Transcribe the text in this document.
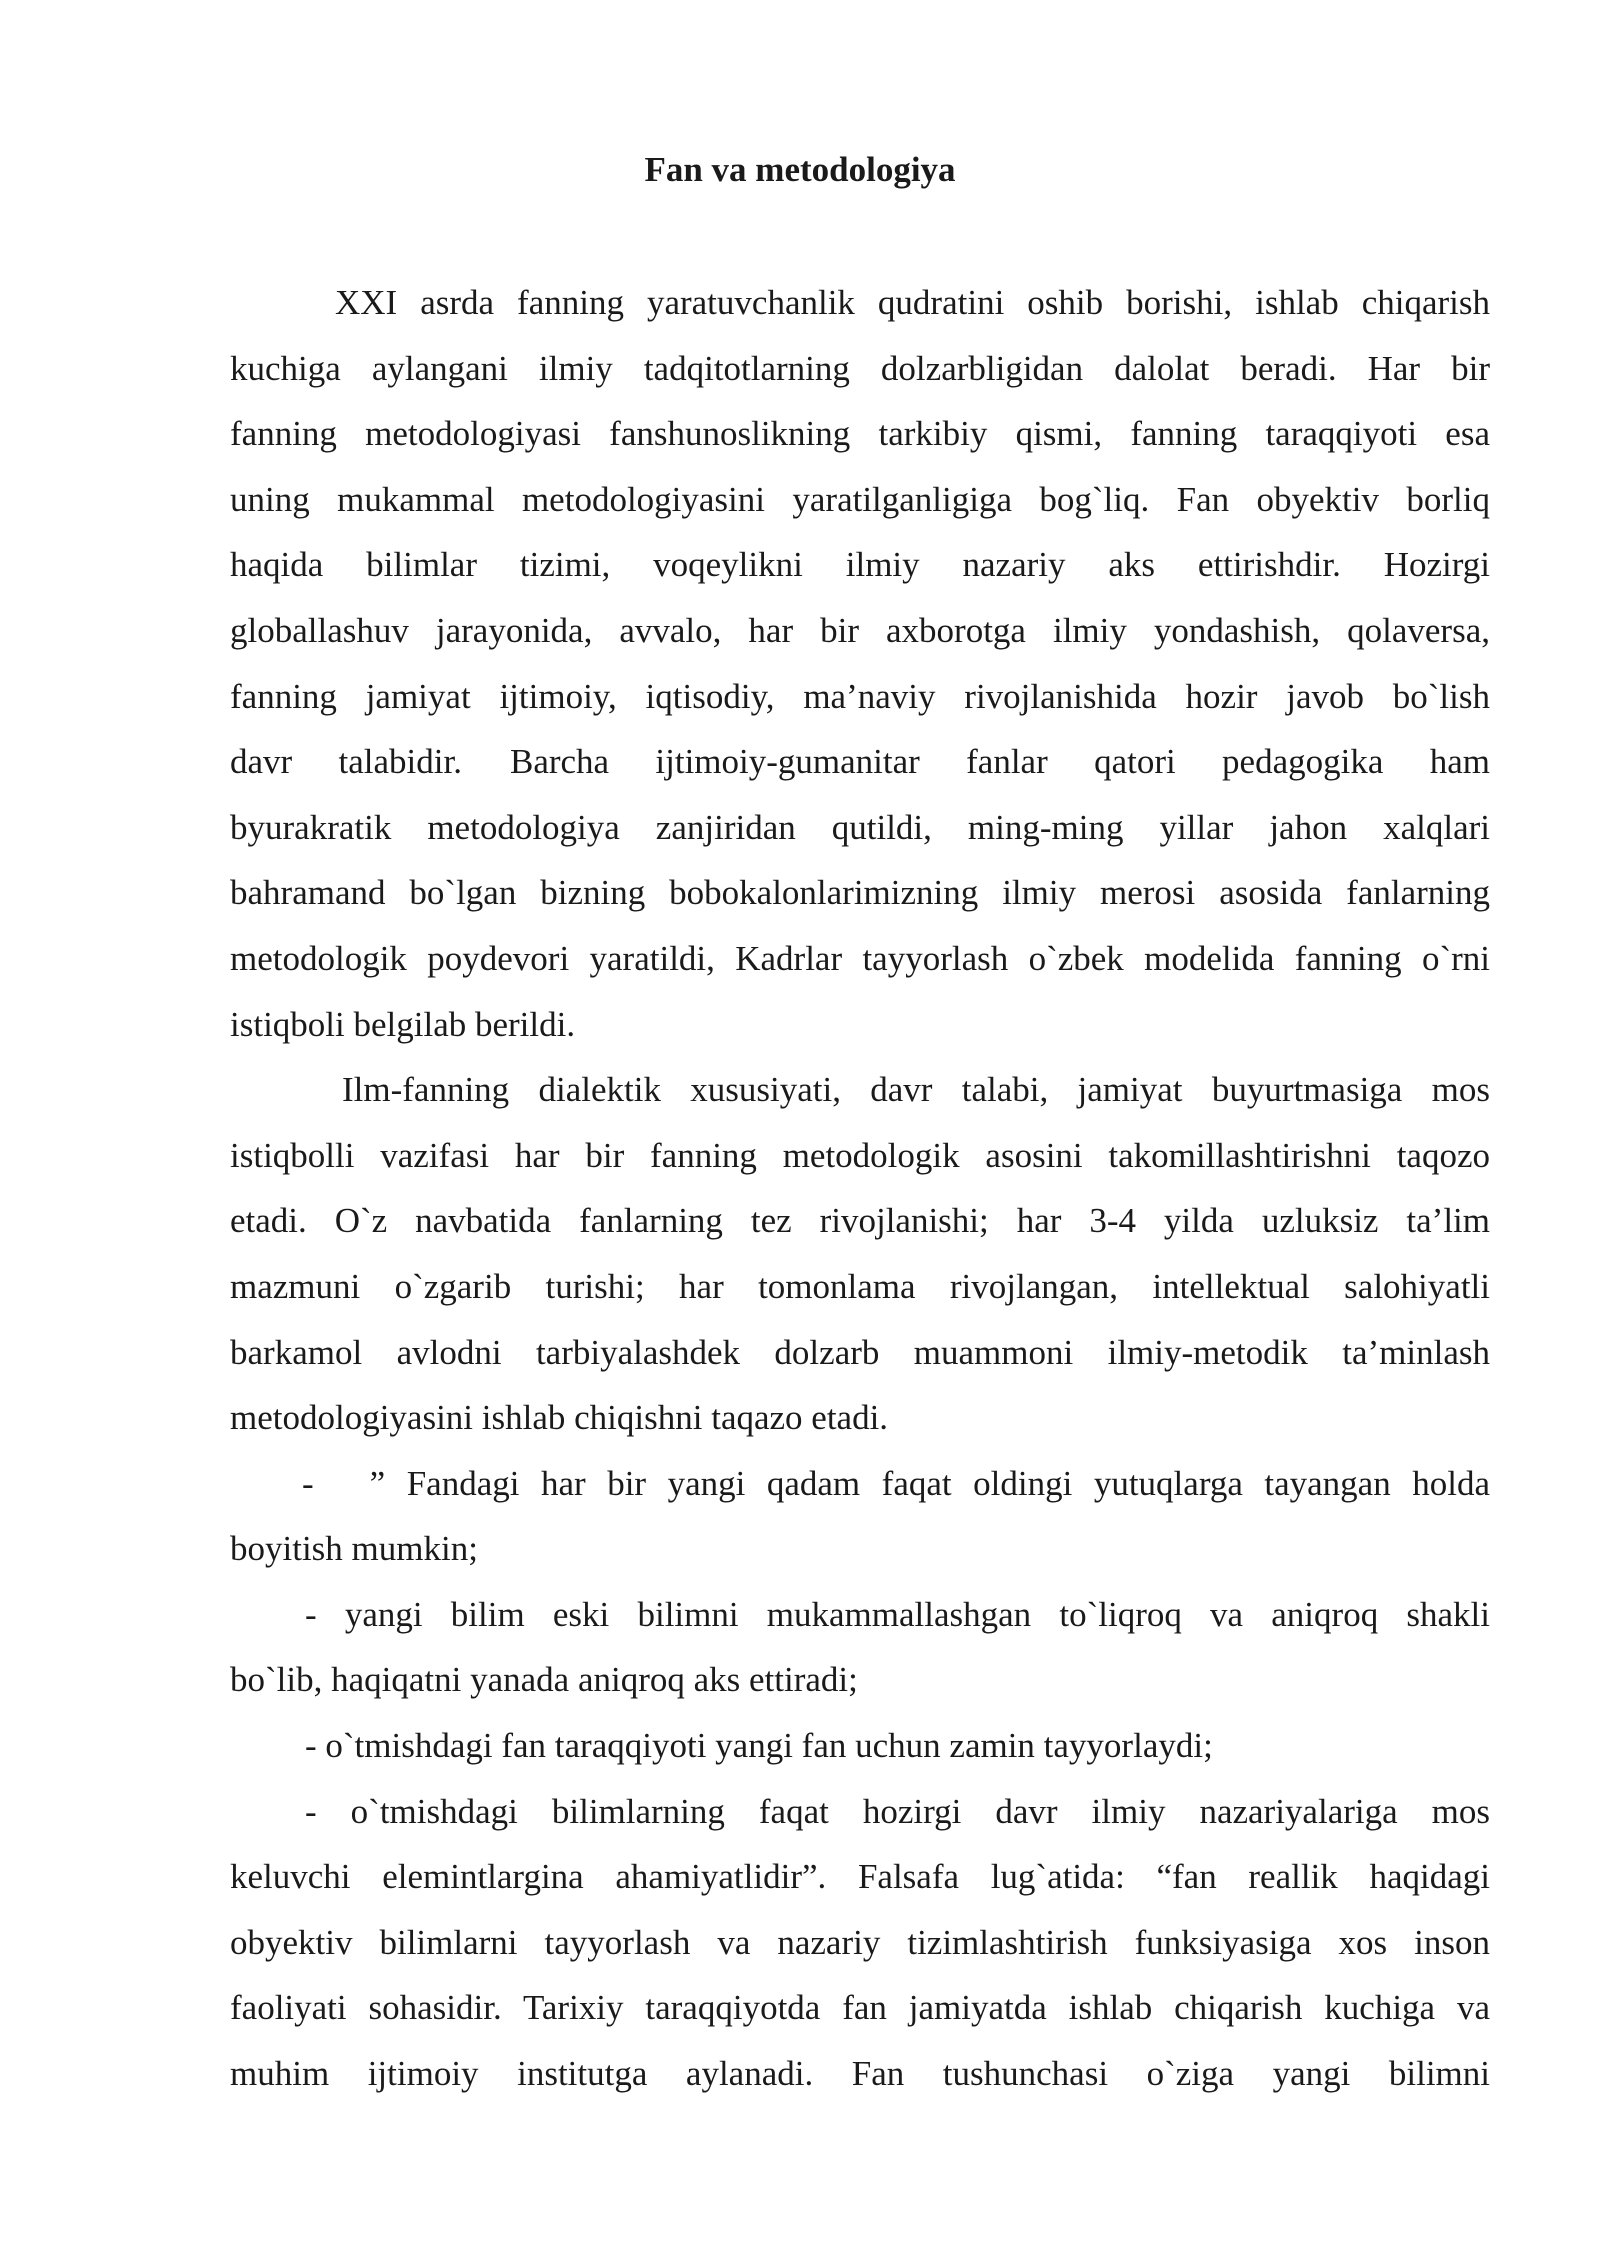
Fan va metodologiya
XXI asrda fanning yaratuvchanlik qudratini oshib borishi, ishlab chiqarish
kuchiga aylangani ilmiy tadqitotlarning dolzarbligidan dalolat beradi. Har bir
fanning metodologiyasi fanshunoslikning tarkibiy qismi, fanning taraqqiyoti esa
uning mukammal metodologiyasini yaratilganligiga bog`liq. Fan obyektiv borliq
haqida bilimlar tizimi, voqeylikni ilmiy nazariy aks ettirishdir. Hozirgi
globallashuv jarayonida, avvalo, har bir axborotga ilmiy yondashish, qolaversa,
fanning jamiyat ijtimoiy, iqtisodiy, ma’naviy rivojlanishida hozir javob bo`lish
davr talabidir. Barcha ijtimoiy-gumanitar fanlar qatori pedagogika ham
byurakratik metodologiya zanjiridan qutildi, ming-ming yillar jahon xalqlari
bahramand bo`lgan bizning bobokalonlarimizning ilmiy merosi asosida fanlarning
metodologik poydevori yaratildi, Kadrlar tayyorlash o`zbek modelida fanning o`rni
istiqboli belgilab berildi.
Ilm-fanning dialektik xususiyati, davr talabi, jamiyat buyurtmasiga mos
istiqbolli vazifasi har bir fanning metodologik asosini takomillashtirishni taqozo
etadi. O`z navbatida fanlarning tez rivojlanishi; har 3-4 yilda uzluksiz ta’lim
mazmuni o`zgarib turishi; har tomonlama rivojlangan, intellektual salohiyatli
barkamol avlodni tarbiyalashdek dolzarb muammoni ilmiy-metodik ta’minlash
metodologiyasini ishlab chiqishni taqazo etadi.
- ” Fandagi har bir yangi qadam faqat oldingi yutuqlarga tayangan holda
boyitish mumkin;
- yangi bilim eski bilimni mukammallashgan to`liqroq va aniqroq shakli
bo`lib, haqiqatni yanada aniqroq aks ettiradi;
- o`tmishdagi fan taraqqiyoti yangi fan uchun zamin tayyorlaydi;
- o`tmishdagi bilimlarning faqat hozirgi davr ilmiy nazariyalariga mos
keluvchi elemintlargina ahamiyatlidir”. Falsafa lug`atida: “fan reallik haqidagi
obyektiv bilimlarni tayyorlash va nazariy tizimlashtirish funksiyasiga xos inson
faoliyati sohasidir. Tarixiy taraqqiyotda fan jamiyatda ishlab chiqarish kuchiga va
muhim ijtimoiy institutga aylanadi. Fan tushunchasi o`ziga yangi bilimni
